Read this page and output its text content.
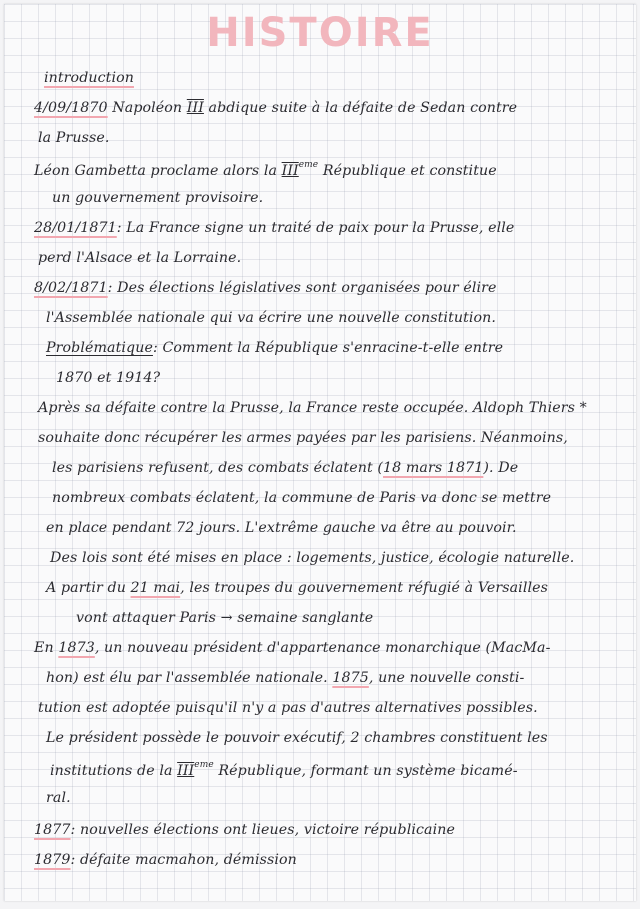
HISTOIRE
introduction
4/09/1870 Napoléon III abdique suite à la défaite de Sedan contre
la Prusse.
Léon Gambetta proclame alors la IIIeme République et constitue
un gouvernement provisoire.
28/01/1871: La France signe un traité de paix pour la Prusse, elle
perd l'Alsace et la Lorraine.
8/02/1871: Des élections législatives sont organisées pour élire
l'Assemblée nationale qui va écrire une nouvelle constitution.
Problématique: Comment la République s'enracine-t-elle entre
1870 et 1914?
Après sa défaite contre la Prusse, la France reste occupée. Aldoph Thiers *
souhaite donc récupérer les armes payées par les parisiens. Néanmoins,
les parisiens refusent, des combats éclatent (18 mars 1871). De
nombreux combats éclatent, la commune de Paris va donc se mettre
en place pendant 72 jours. L'extrême gauche va être au pouvoir.
Des lois sont été mises en place : logements, justice, écologie naturelle.
A partir du 21 mai, les troupes du gouvernement réfugié à Versailles
vont attaquer Paris → semaine sanglante
En 1873, un nouveau président d'appartenance monarchique (MacMa-
hon) est élu par l'assemblée nationale. 1875, une nouvelle consti-
tution est adoptée puisqu'il n'y a pas d'autres alternatives possibles.
Le président possède le pouvoir exécutif, 2 chambres constituent les
institutions de la IIIeme République, formant un système bicamé-
ral.
1877: nouvelles élections ont lieues, victoire républicaine
1879: défaite macmahon, démission
